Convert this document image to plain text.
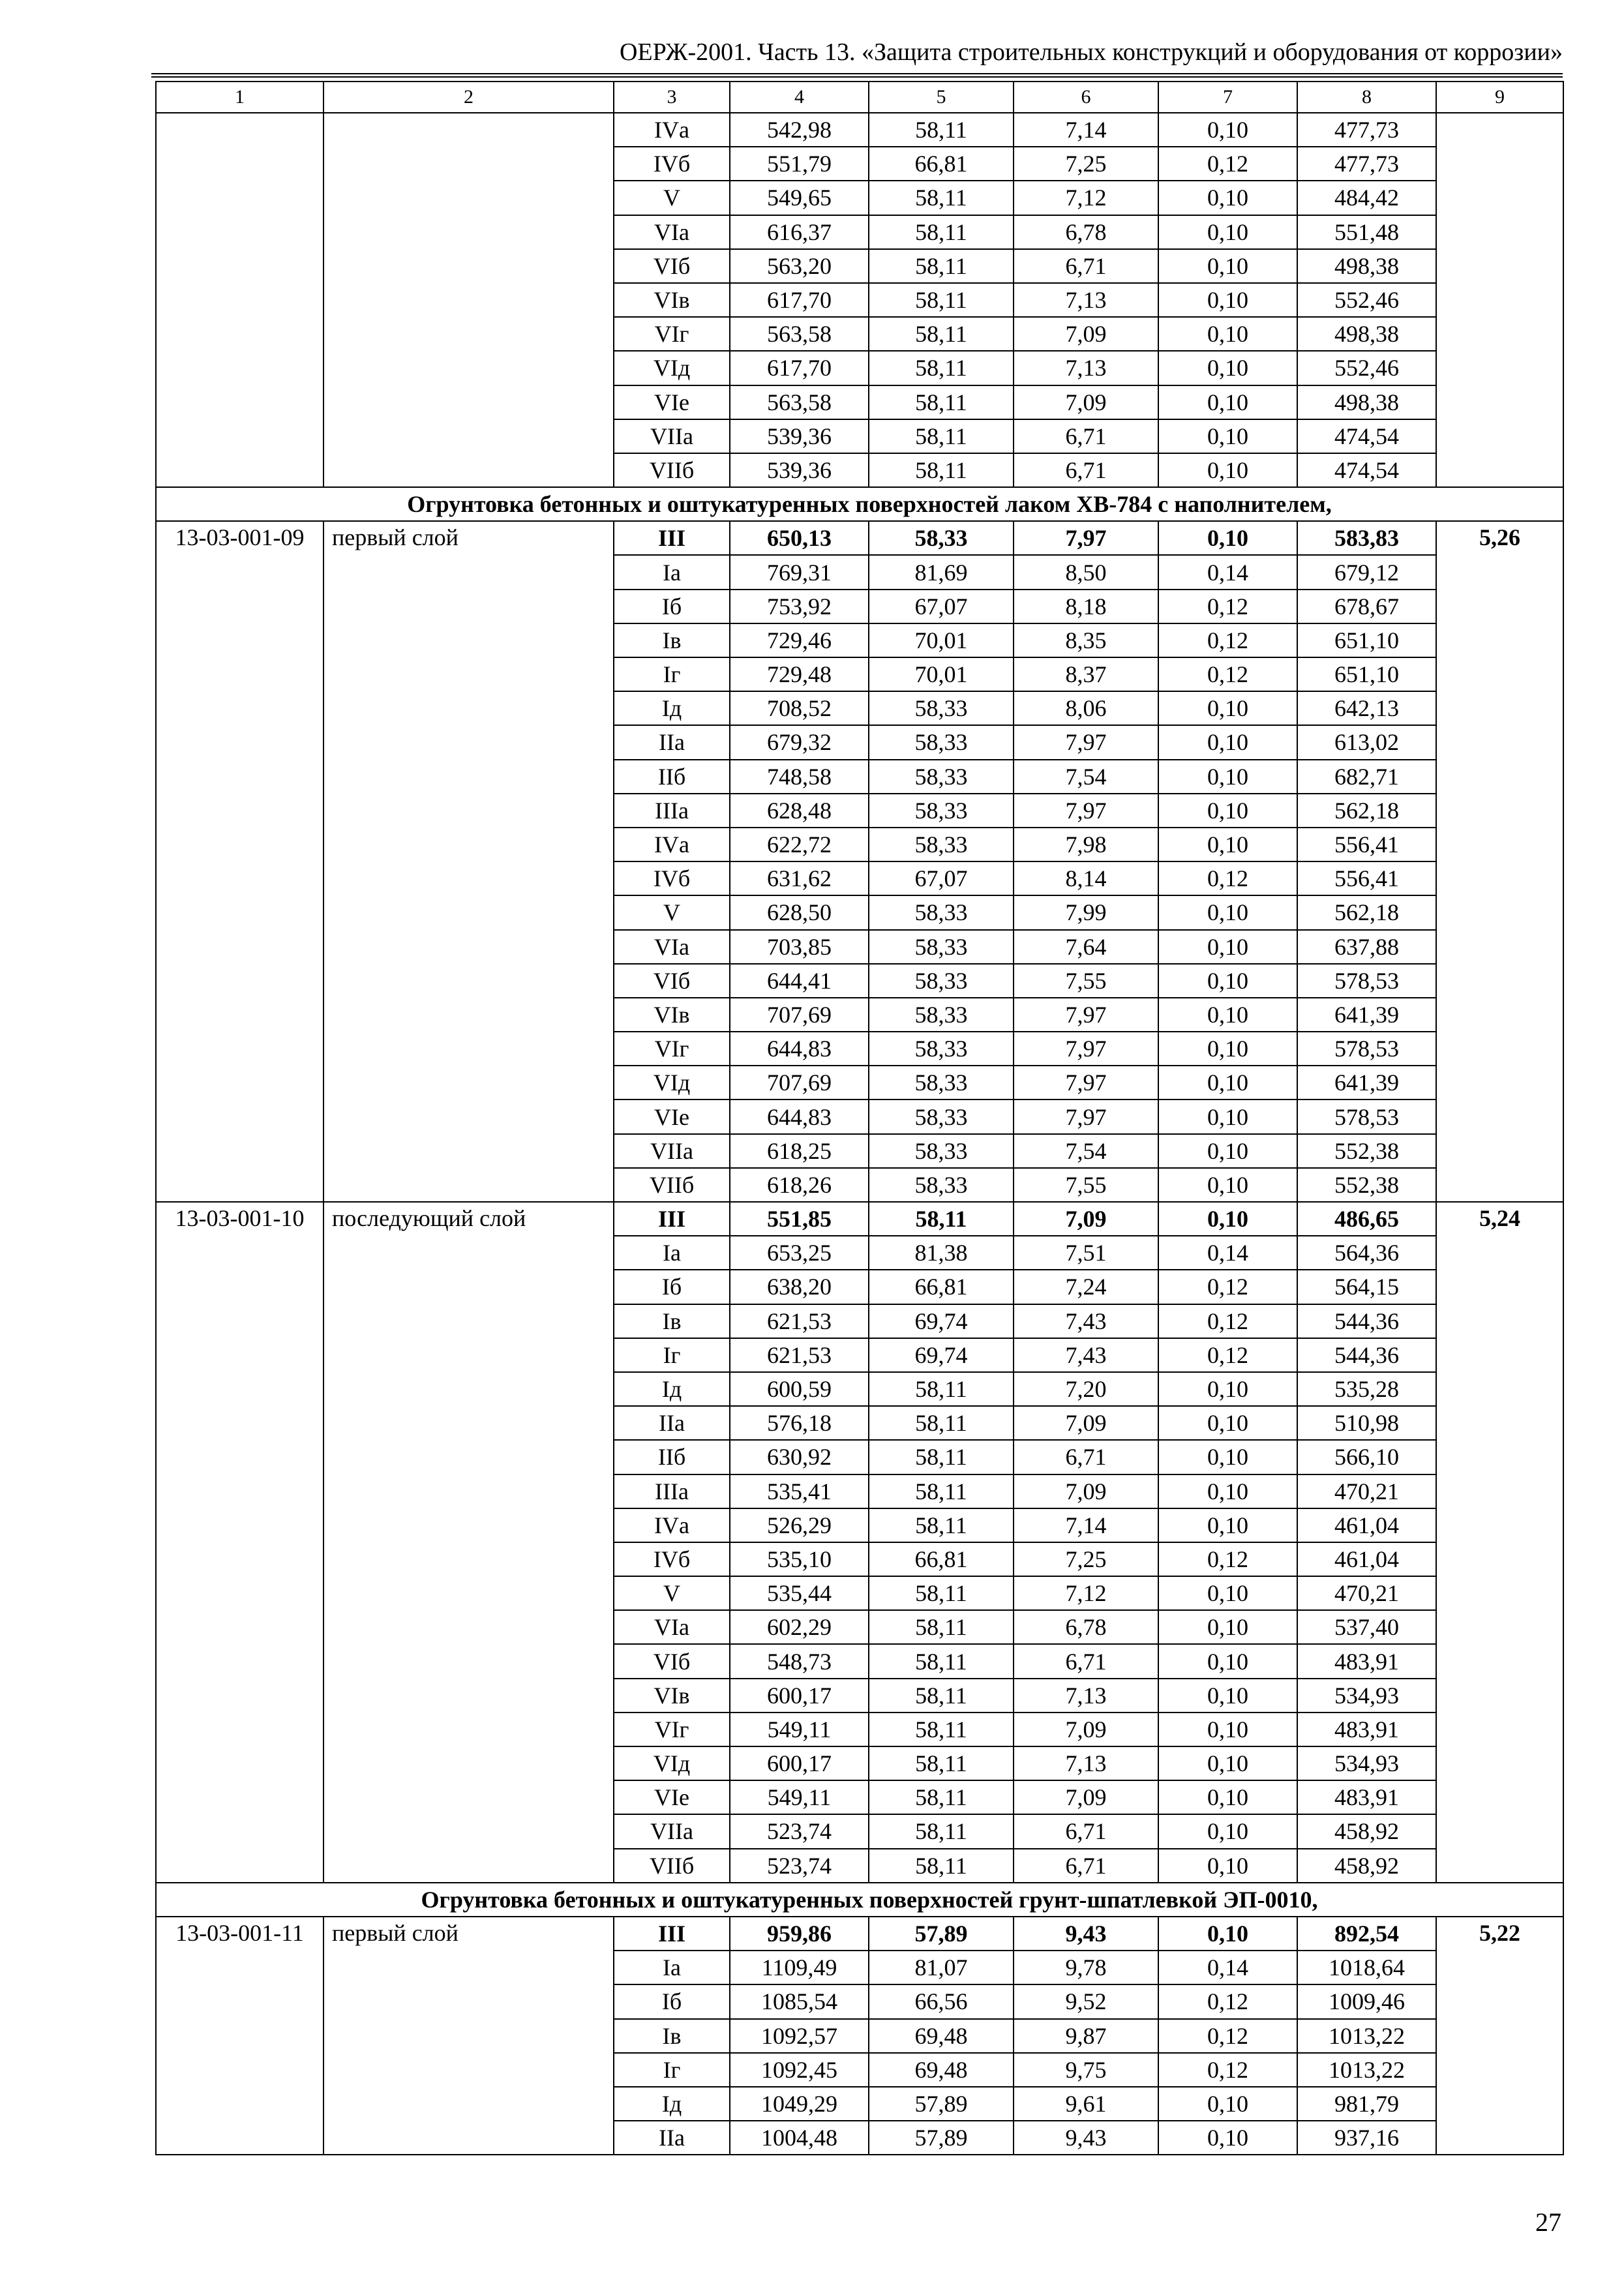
ОЕРЖ-2001. Часть 13. «Защита строительных конструкций и оборудования от коррозии»
1	2	3	4	5	6	7	8	9
		IVа	542,98	58,11	7,14	0,10	477,73	
		IVб	551,79	66,81	7,25	0,12	477,73	
		V	549,65	58,11	7,12	0,10	484,42	
		VIа	616,37	58,11	6,78	0,10	551,48	
		VIб	563,20	58,11	6,71	0,10	498,38	
		VIв	617,70	58,11	7,13	0,10	552,46	
		VIг	563,58	58,11	7,09	0,10	498,38	
		VIд	617,70	58,11	7,13	0,10	552,46	
		VIе	563,58	58,11	7,09	0,10	498,38	
		VIIа	539,36	58,11	6,71	0,10	474,54	
		VIIб	539,36	58,11	6,71	0,10	474,54	
Огрунтовка бетонных и оштукатуренных поверхностей лаком ХВ-784 с наполнителем,								
13-03-001-09	первый слой	III	650,13	58,33	7,97	0,10	583,83	5,26
		Iа	769,31	81,69	8,50	0,14	679,12	
		Iб	753,92	67,07	8,18	0,12	678,67	
		Iв	729,46	70,01	8,35	0,12	651,10	
		Iг	729,48	70,01	8,37	0,12	651,10	
		Iд	708,52	58,33	8,06	0,10	642,13	
		IIа	679,32	58,33	7,97	0,10	613,02	
		IIб	748,58	58,33	7,54	0,10	682,71	
		IIIа	628,48	58,33	7,97	0,10	562,18	
		IVа	622,72	58,33	7,98	0,10	556,41	
		IVб	631,62	67,07	8,14	0,12	556,41	
		V	628,50	58,33	7,99	0,10	562,18	
		VIа	703,85	58,33	7,64	0,10	637,88	
		VIб	644,41	58,33	7,55	0,10	578,53	
		VIв	707,69	58,33	7,97	0,10	641,39	
		VIг	644,83	58,33	7,97	0,10	578,53	
		VIд	707,69	58,33	7,97	0,10	641,39	
		VIе	644,83	58,33	7,97	0,10	578,53	
		VIIа	618,25	58,33	7,54	0,10	552,38	
		VIIб	618,26	58,33	7,55	0,10	552,38	
13-03-001-10	последующий слой	III	551,85	58,11	7,09	0,10	486,65	5,24
		Iа	653,25	81,38	7,51	0,14	564,36	
		Iб	638,20	66,81	7,24	0,12	564,15	
		Iв	621,53	69,74	7,43	0,12	544,36	
		Iг	621,53	69,74	7,43	0,12	544,36	
		Iд	600,59	58,11	7,20	0,10	535,28	
		IIа	576,18	58,11	7,09	0,10	510,98	
		IIб	630,92	58,11	6,71	0,10	566,10	
		IIIа	535,41	58,11	7,09	0,10	470,21	
		IVа	526,29	58,11	7,14	0,10	461,04	
		IVб	535,10	66,81	7,25	0,12	461,04	
		V	535,44	58,11	7,12	0,10	470,21	
		VIа	602,29	58,11	6,78	0,10	537,40	
		VIб	548,73	58,11	6,71	0,10	483,91	
		VIв	600,17	58,11	7,13	0,10	534,93	
		VIг	549,11	58,11	7,09	0,10	483,91	
		VIд	600,17	58,11	7,13	0,10	534,93	
		VIе	549,11	58,11	7,09	0,10	483,91	
		VIIа	523,74	58,11	6,71	0,10	458,92	
		VIIб	523,74	58,11	6,71	0,10	458,92	
Огрунтовка бетонных и оштукатуренных поверхностей грунт-шпатлевкой ЭП-0010,								
13-03-001-11	первый слой	III	959,86	57,89	9,43	0,10	892,54	5,22
		Iа	1109,49	81,07	9,78	0,14	1018,64	
		Iб	1085,54	66,56	9,52	0,12	1009,46	
		Iв	1092,57	69,48	9,87	0,12	1013,22	
		Iг	1092,45	69,48	9,75	0,12	1013,22	
		Iд	1049,29	57,89	9,61	0,10	981,79	
		IIа	1004,48	57,89	9,43	0,10	937,16	
27
